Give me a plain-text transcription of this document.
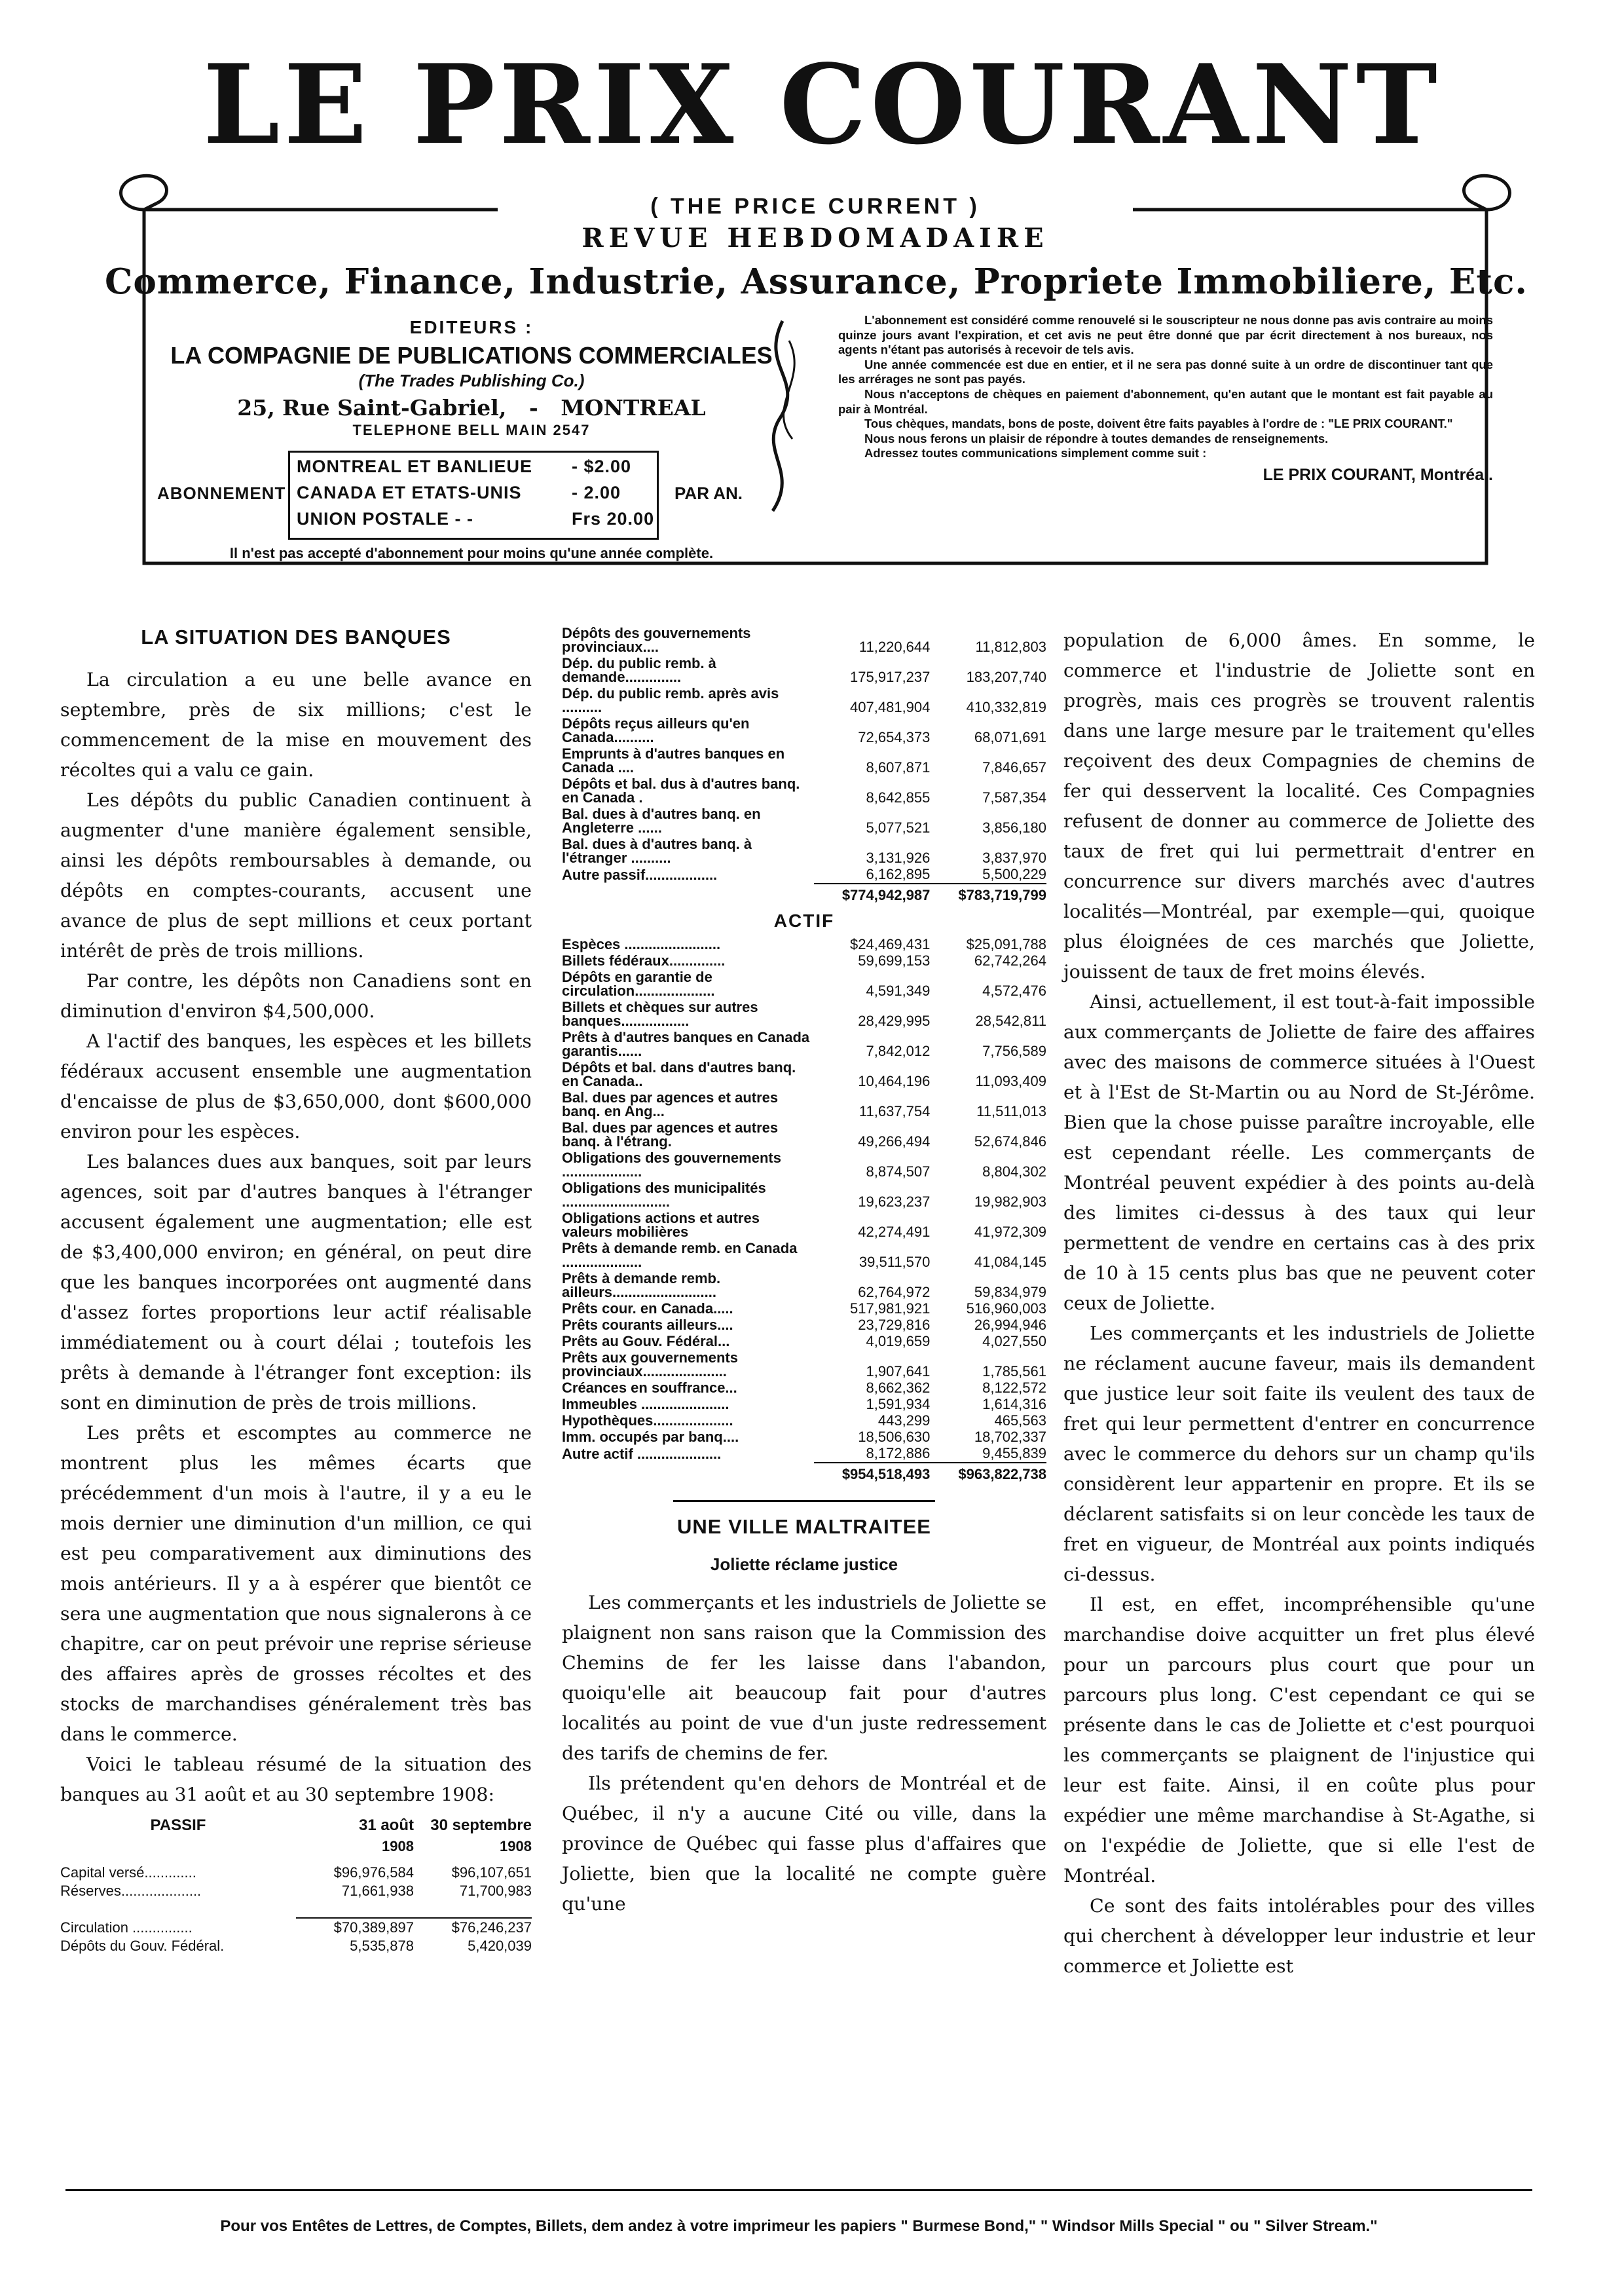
LE PRIX COURANT
( THE PRICE CURRENT )
REVUE HEBDOMADAIRE
Commerce, Finance, Industrie, Assurance, Propriete Immobiliere, Etc.
EDITEURS :
LA COMPAGNIE DE PUBLICATIONS COMMERCIALES
(The Trades Publishing Co.)
25, Rue Saint-Gabriel, - MONTREAL
TELEPHONE BELL MAIN 2547
ABONNEMENT
MONTREAL ET BANLIEUE - $2.00
CANADA ET ETATS-UNIS	- 2.00
UNION POSTALE - -	Frs 20.00
PAR AN.
Il n'est pas accepté d'abonnement pour moins qu'une année complète.

L'abonnement est considéré comme renouvelé si le souscripteur ne nous donne pas avis contraire au moins quinze jours avant l'expiration, et cet avis ne peut être donné que par écrit directement à nos bureaux, nos agents n'étant pas autorisés à recevoir de tels avis.

Une année commencée est due en entier, et il ne sera pas donné suite à un ordre de discontinuer tant que les arrérages ne sont pas payés.

Nous n'acceptons de chèques en paiement d'abonnement, qu'en autant que le montant est fait payable au pair à Montréal.

Tous chèques, mandats, bons de poste, doivent être faits payables à l'ordre de : "LE PRIX COURANT."

Nous nous ferons un plaisir de répondre à toutes demandes de renseignements.

Adressez toutes communications simplement comme suit :

LE PRIX COURANT, Montréal.

LA SITUATION DES BANQUES

La circulation a eu une belle avance en septembre, près de six millions; c'est le commencement de la mise en mouvement des récoltes qui a valu ce gain.

Les dépôts du public Canadien continuent à augmenter d'une manière également sensible, ainsi les dépôts remboursables à demande, ou dépôts en comptes-courants, accusent une avance de plus de sept millions et ceux portant intérêt de près de trois millions.

Par contre, les dépôts non Canadiens sont en diminution d'environ $4,500,000.

A l'actif des banques, les espèces et les billets fédéraux accusent ensemble une augmentation d'encaisse de plus de $3,650,000, dont $600,000 environ pour les espèces.

Les balances dues aux banques, soit par leurs agences, soit par d'autres banques à l'étranger accusent également une augmentation; elle est de $3,400,000 environ; en général, on peut dire que les banques incorporées ont augmenté dans d'assez fortes proportions leur actif réalisable immédiatement ou à court délai ; toutefois les prêts à demande à l'étranger font exception: ils sont en diminution de près de trois millions.

Les prêts et escomptes au commerce ne montrent plus les mêmes écarts que précédemment d'un mois à l'autre, il y a eu le mois dernier une diminution d'un million, ce qui est peu comparativement aux diminutions des mois antérieurs. Il y a à espérer que bientôt ce sera une augmentation que nous signalerons à ce chapitre, car on peut prévoir une reprise sérieuse des affaires après de grosses récoltes et des stocks de marchandises généralement très bas dans le commerce.

Voici le tableau résumé de la situation des banques au 31 août et au 30 septembre 1908:

PASSIF	31 août	30 septembre
	1908	1908
Capital versé.............	$96,976,584	$96,107,651
Réserves....................	71,661,938	71,700,983

Circulation ...............	$70,389,897	$76,246,237
Dépôts du Gouv. Fédéral.	5,535,878	5,420,039
Dépôts des gouvernements provinciaux....	11,220,644	11,812,803
Dép. du public remb. à demande..............	175,917,237	183,207,740
Dép. du public remb. après avis ..........	407,481,904	410,332,819
Dépôts reçus ailleurs qu'en Canada..........	72,654,373	68,071,691
Emprunts à d'autres banques en Canada ....	8,607,871	7,846,657
Dépôts et bal. dus à d'autres banq. en Canada .	8,642,855	7,587,354
Bal. dues à d'autres banq. en Angleterre ......	5,077,521	3,856,180
Bal. dues à d'autres banq. à l'étranger ..........	3,131,926	3,837,970
Autre passif..................	6,162,895	5,500,229
	$774,942,987	$783,719,799
ACTIF
Espèces ........................	$24,469,431	$25,091,788
Billets fédéraux..............	59,699,153	62,742,264
Dépôts en garantie de circulation....................	4,591,349	4,572,476
Billets et chèques sur autres banques.................	28,429,995	28,542,811
Prêts à d'autres banques en Canada garantis......	7,842,012	7,756,589
Dépôts et bal. dans d'autres banq. en Canada..	10,464,196	11,093,409
Bal. dues par agences et autres banq. en Ang...	11,637,754	11,511,013
Bal. dues par agences et autres banq. à l'étrang.	49,266,494	52,674,846
Obligations des gouvernements ....................	8,874,507	8,804,302
Obligations des municipalités ...........................	19,623,237	19,982,903
Obligations actions et autres valeurs mobilières	42,274,491	41,972,309
Prêts à demande remb. en Canada ....................	39,511,570	41,084,145
Prêts à demande remb. ailleurs..........................	62,764,972	59,834,979
Prêts cour. en Canada.....	517,981,921	516,960,003
Prêts courants ailleurs....	23,729,816	26,994,946
Prêts au Gouv. Fédéral...	4,019,659	4,027,550
Prêts aux gouvernements provinciaux.....................	1,907,641	1,785,561
Créances en souffrance...	8,662,362	8,122,572
Immeubles ......................	1,591,934	1,614,316
Hypothèques....................	443,299	465,563
Imm. occupés par banq....	18,506,630	18,702,337
Autre actif .....................	8,172,886	9,455,839
	$954,518,493	$963,822,738
UNE VILLE MALTRAITEE
Joliette réclame justice

Les commerçants et les industriels de Joliette se plaignent non sans raison que la Commission des Chemins de fer les laisse dans l'abandon, quoiqu'elle ait beaucoup fait pour d'autres localités au point de vue d'un juste redressement des tarifs de chemins de fer.

Ils prétendent qu'en dehors de Montréal et de Québec, il n'y a aucune Cité ou ville, dans la province de Québec qui fasse plus d'affaires que Joliette, bien que la localité ne compte guère qu'une

population de 6,000 âmes. En somme, le commerce et l'industrie de Joliette sont en progrès, mais ces progrès se trouvent ralentis dans une large mesure par le traitement qu'elles reçoivent des deux Compagnies de chemins de fer qui desservent la localité. Ces Compagnies refusent de donner au commerce de Joliette des taux de fret qui lui permettrait d'entrer en concurrence sur divers marchés avec d'autres localités—Montréal, par exemple—qui, quoique plus éloignées de ces marchés que Joliette, jouissent de taux de fret moins élevés.

Ainsi, actuellement, il est tout-à-fait impossible aux commerçants de Joliette de faire des affaires avec des maisons de commerce situées à l'Ouest et à l'Est de St-Martin ou au Nord de St-Jérôme. Bien que la chose puisse paraître incroyable, elle est cependant réelle. Les commerçants de Montréal peuvent expédier à des points au-delà des limites ci-dessus à des taux qui leur permettent de vendre en certains cas à des prix de 10 à 15 cents plus bas que ne peuvent coter ceux de Joliette.

Les commerçants et les industriels de Joliette ne réclament aucune faveur, mais ils demandent que justice leur soit faite ils veulent des taux de fret qui leur permettent d'entrer en concurrence avec le commerce du dehors sur un champ qu'ils considèrent leur appartenir en propre. Et ils se déclarent satisfaits si on leur concède les taux de fret en vigueur, de Montréal aux points indiqués ci-dessus.

Il est, en effet, incompréhensible qu'une marchandise doive acquitter un fret plus élevé pour un parcours plus court que pour un parcours plus long. C'est cependant ce qui se présente dans le cas de Joliette et c'est pourquoi les commerçants se plaignent de l'injustice qui leur est faite. Ainsi, il en coûte plus pour expédier une même marchandise à St-Agathe, si on l'expédie de Joliette, que si elle l'est de Montréal.

Ce sont des faits intolérables pour des villes qui cherchent à développer leur industrie et leur commerce et Joliette est

Pour vos Entêtes de Lettres, de Comptes, Billets, dem andez à votre imprimeur les papiers " Burmese Bond," " Windsor Mills Special " ou " Silver Stream."
